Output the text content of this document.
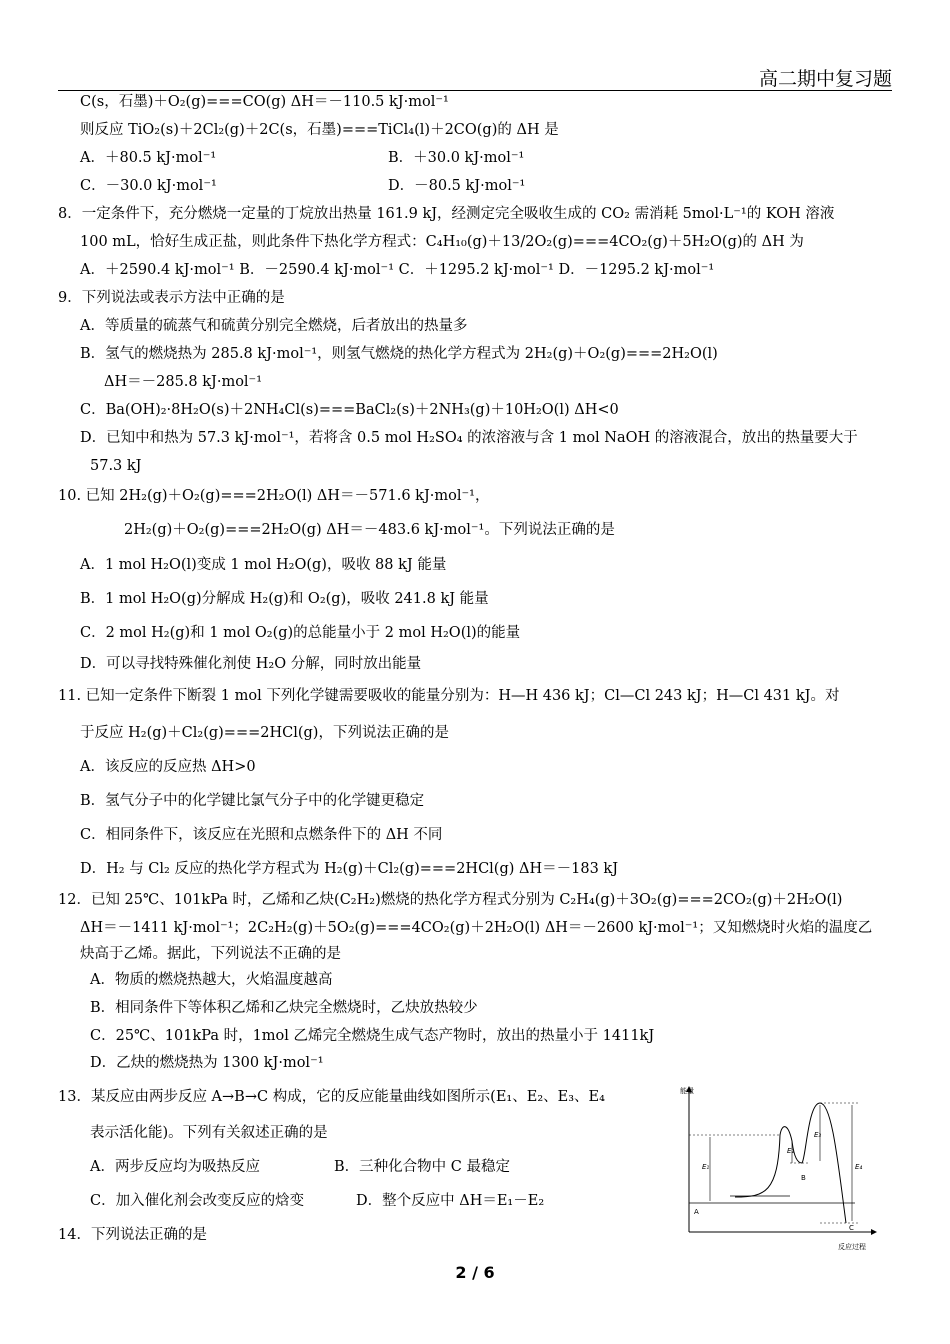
高二期中复习题
C(s，石墨)＋O₂(g)===CO(g) ΔH＝－110.5 kJ·mol⁻¹
则反应 TiO₂(s)＋2Cl₂(g)＋2C(s，石墨)===TiCl₄(l)＋2CO(g)的 ΔH 是
A．＋80.5 kJ·mol⁻¹	B．＋30.0 kJ·mol⁻¹
C．－30.0 kJ·mol⁻¹	D．－80.5 kJ·mol⁻¹
8．一定条件下，充分燃烧一定量的丁烷放出热量 161.9 kJ，经测定完全吸收生成的 CO₂ 需消耗 5mol·L⁻¹的 KOH 溶液
100 mL，恰好生成正盐，则此条件下热化学方程式：C₄H₁₀(g)＋13/2O₂(g)===4CO₂(g)＋5H₂O(g)的 ΔH 为
A．＋2590.4 kJ·mol⁻¹ B．－2590.4 kJ·mol⁻¹ C．＋1295.2 kJ·mol⁻¹ D．－1295.2 kJ·mol⁻¹
9．下列说法或表示方法中正确的是
A．等质量的硫蒸气和硫黄分别完全燃烧，后者放出的热量多
B．氢气的燃烧热为 285.8 kJ·mol⁻¹，则氢气燃烧的热化学方程式为 2H₂(g)＋O₂(g)===2H₂O(l)
ΔH＝－285.8 kJ·mol⁻¹
C．Ba(OH)₂·8H₂O(s)＋2NH₄Cl(s)===BaCl₂(s)＋2NH₃(g)＋10H₂O(l) ΔH<0
D．已知中和热为 57.3 kJ·mol⁻¹，若将含 0.5 mol H₂SO₄ 的浓溶液与含 1 mol NaOH 的溶液混合，放出的热量要大于
57.3 kJ
10. 已知 2H₂(g)＋O₂(g)===2H₂O(l) ΔH＝－571.6 kJ·mol⁻¹，
2H₂(g)＋O₂(g)===2H₂O(g) ΔH＝－483.6 kJ·mol⁻¹。下列说法正确的是
A．1 mol H₂O(l)变成 1 mol H₂O(g)，吸收 88 kJ 能量
B．1 mol H₂O(g)分解成 H₂(g)和 O₂(g)，吸收 241.8 kJ 能量
C．2 mol H₂(g)和 1 mol O₂(g)的总能量小于 2 mol H₂O(l)的能量
D．可以寻找特殊催化剂使 H₂O 分解，同时放出能量
11. 已知一定条件下断裂 1 mol 下列化学键需要吸收的能量分别为：H—H 436 kJ；Cl—Cl 243 kJ；H—Cl 431 kJ。对
于反应 H₂(g)＋Cl₂(g)===2HCl(g)，下列说法正确的是
A．该反应的反应热 ΔH>0
B．氢气分子中的化学键比氯气分子中的化学键更稳定
C．相同条件下，该反应在光照和点燃条件下的 ΔH 不同
D．H₂ 与 Cl₂ 反应的热化学方程式为 H₂(g)＋Cl₂(g)===2HCl(g) ΔH＝－183 kJ
12．已知 25℃、101kPa 时，乙烯和乙炔(C₂H₂)燃烧的热化学方程式分别为 C₂H₄(g)＋3O₂(g)===2CO₂(g)＋2H₂O(l)
ΔH＝－1411 kJ·mol⁻¹；2C₂H₂(g)＋5O₂(g)===4CO₂(g)＋2H₂O(l) ΔH＝－2600 kJ·mol⁻¹；又知燃烧时火焰的温度乙
炔高于乙烯。据此，下列说法不正确的是
A．物质的燃烧热越大，火焰温度越高
B．相同条件下等体积乙烯和乙炔完全燃烧时，乙炔放热较少
C．25℃、101kPa 时，1mol 乙烯完全燃烧生成气态产物时，放出的热量小于 1411kJ
D．乙炔的燃烧热为 1300 kJ·mol⁻¹
13．某反应由两步反应 A→B→C 构成，它的反应能量曲线如图所示(E₁、E₂、E₃、E₄
表示活化能)。下列有关叙述正确的是
A．两步反应均为吸热反应	B．三种化合物中 C 最稳定
C．加入催化剂会改变反应的焓变	D．整个反应中 ΔH＝E₁－E₂
14．下列说法正确的是
能量
反应过程
E₁
E₂
E₃
E₄
A
B
C
2 / 6
